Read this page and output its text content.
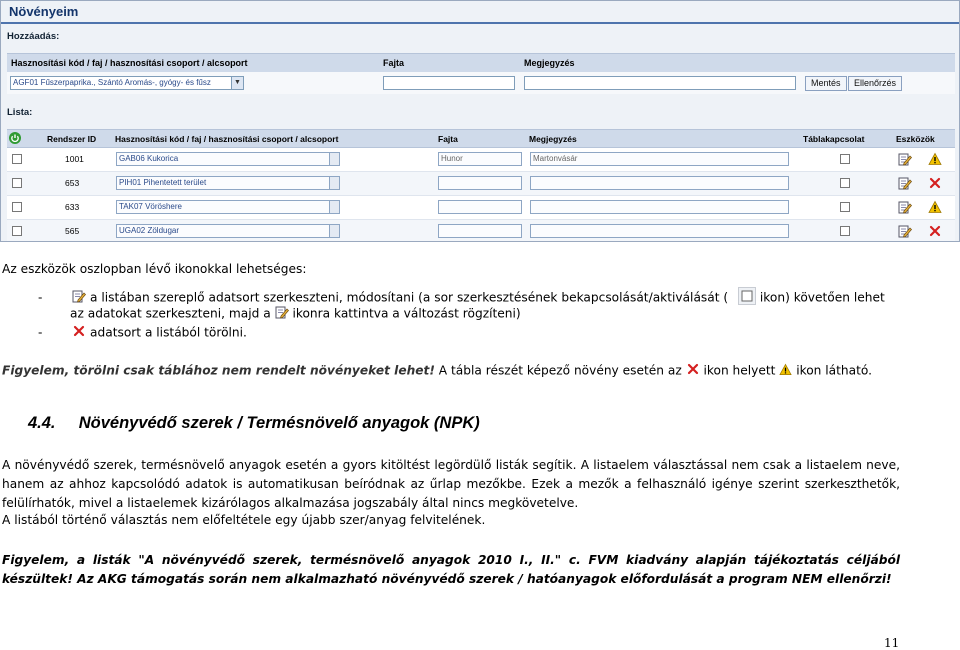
Növényeim
Hozzáadás:
Hasznosítási kód / faj / hasznosítási csoport / alcsoport	Fajta	Megjegyzés
AGF01 Fűszerpaprika., Szántó Aromás-, gyógy- és fűsz	▼	Mentés	Ellenőrzés
Lista:
Rendszer ID Hasznosítási kód / faj / hasznosítási csoport / alcsoport	Fajta	Megjegyzés	Táblakapcsolat	Eszközök
1001	GAB06 Kukorica	Hunor	Martonvásár
653	PIH01 Pihentetett terület
633	TAK07 Vöröshere
565	UGA02 Zöldugar
Az eszközök oszlopban lévő ikonokkal lehetséges:
-	a listában szereplő adatsort szerkeszteni, módosítani (a sor szerkesztésének bekapcsolását/aktiválását (	ikon) követően lehet
az adatokat szerkeszteni, majd a ikonra kattintva a változást rögzíteni)
-	adatsort a listából törölni.
Figyelem, törölni csak táblához nem rendelt növényeket lehet! A tábla részét képező növény esetén az ikon helyett ikon látható.
4.4. Növényvédő szerek / Termésnövelő anyagok (NPK)
A növényvédő szerek, termésnövelő anyagok esetén a gyors kitöltést legördülő listák segítik. A listaelem választással nem csak a listaelem neve, hanem az ahhoz kapcsolódó adatok is automatikusan beíródnak az űrlap mezőkbe. Ezek a mezők a felhasználó igénye szerint szerkeszthetők, felülírhatók, mivel a listaelemek kizárólagos alkalmazása jogszabály által nincs megkövetelve.
A listából történő választás nem előfeltétele egy újabb szer/anyag felvitelének.
Figyelem, a listák "A növényvédő szerek, termésnövelő anyagok 2010 I., II." c. FVM kiadvány alapján tájékoztatás céljából készültek! Az AKG támogatás során nem alkalmazható növényvédő szerek / hatóanyagok előfordulását a program NEM ellenőrzi!
11
